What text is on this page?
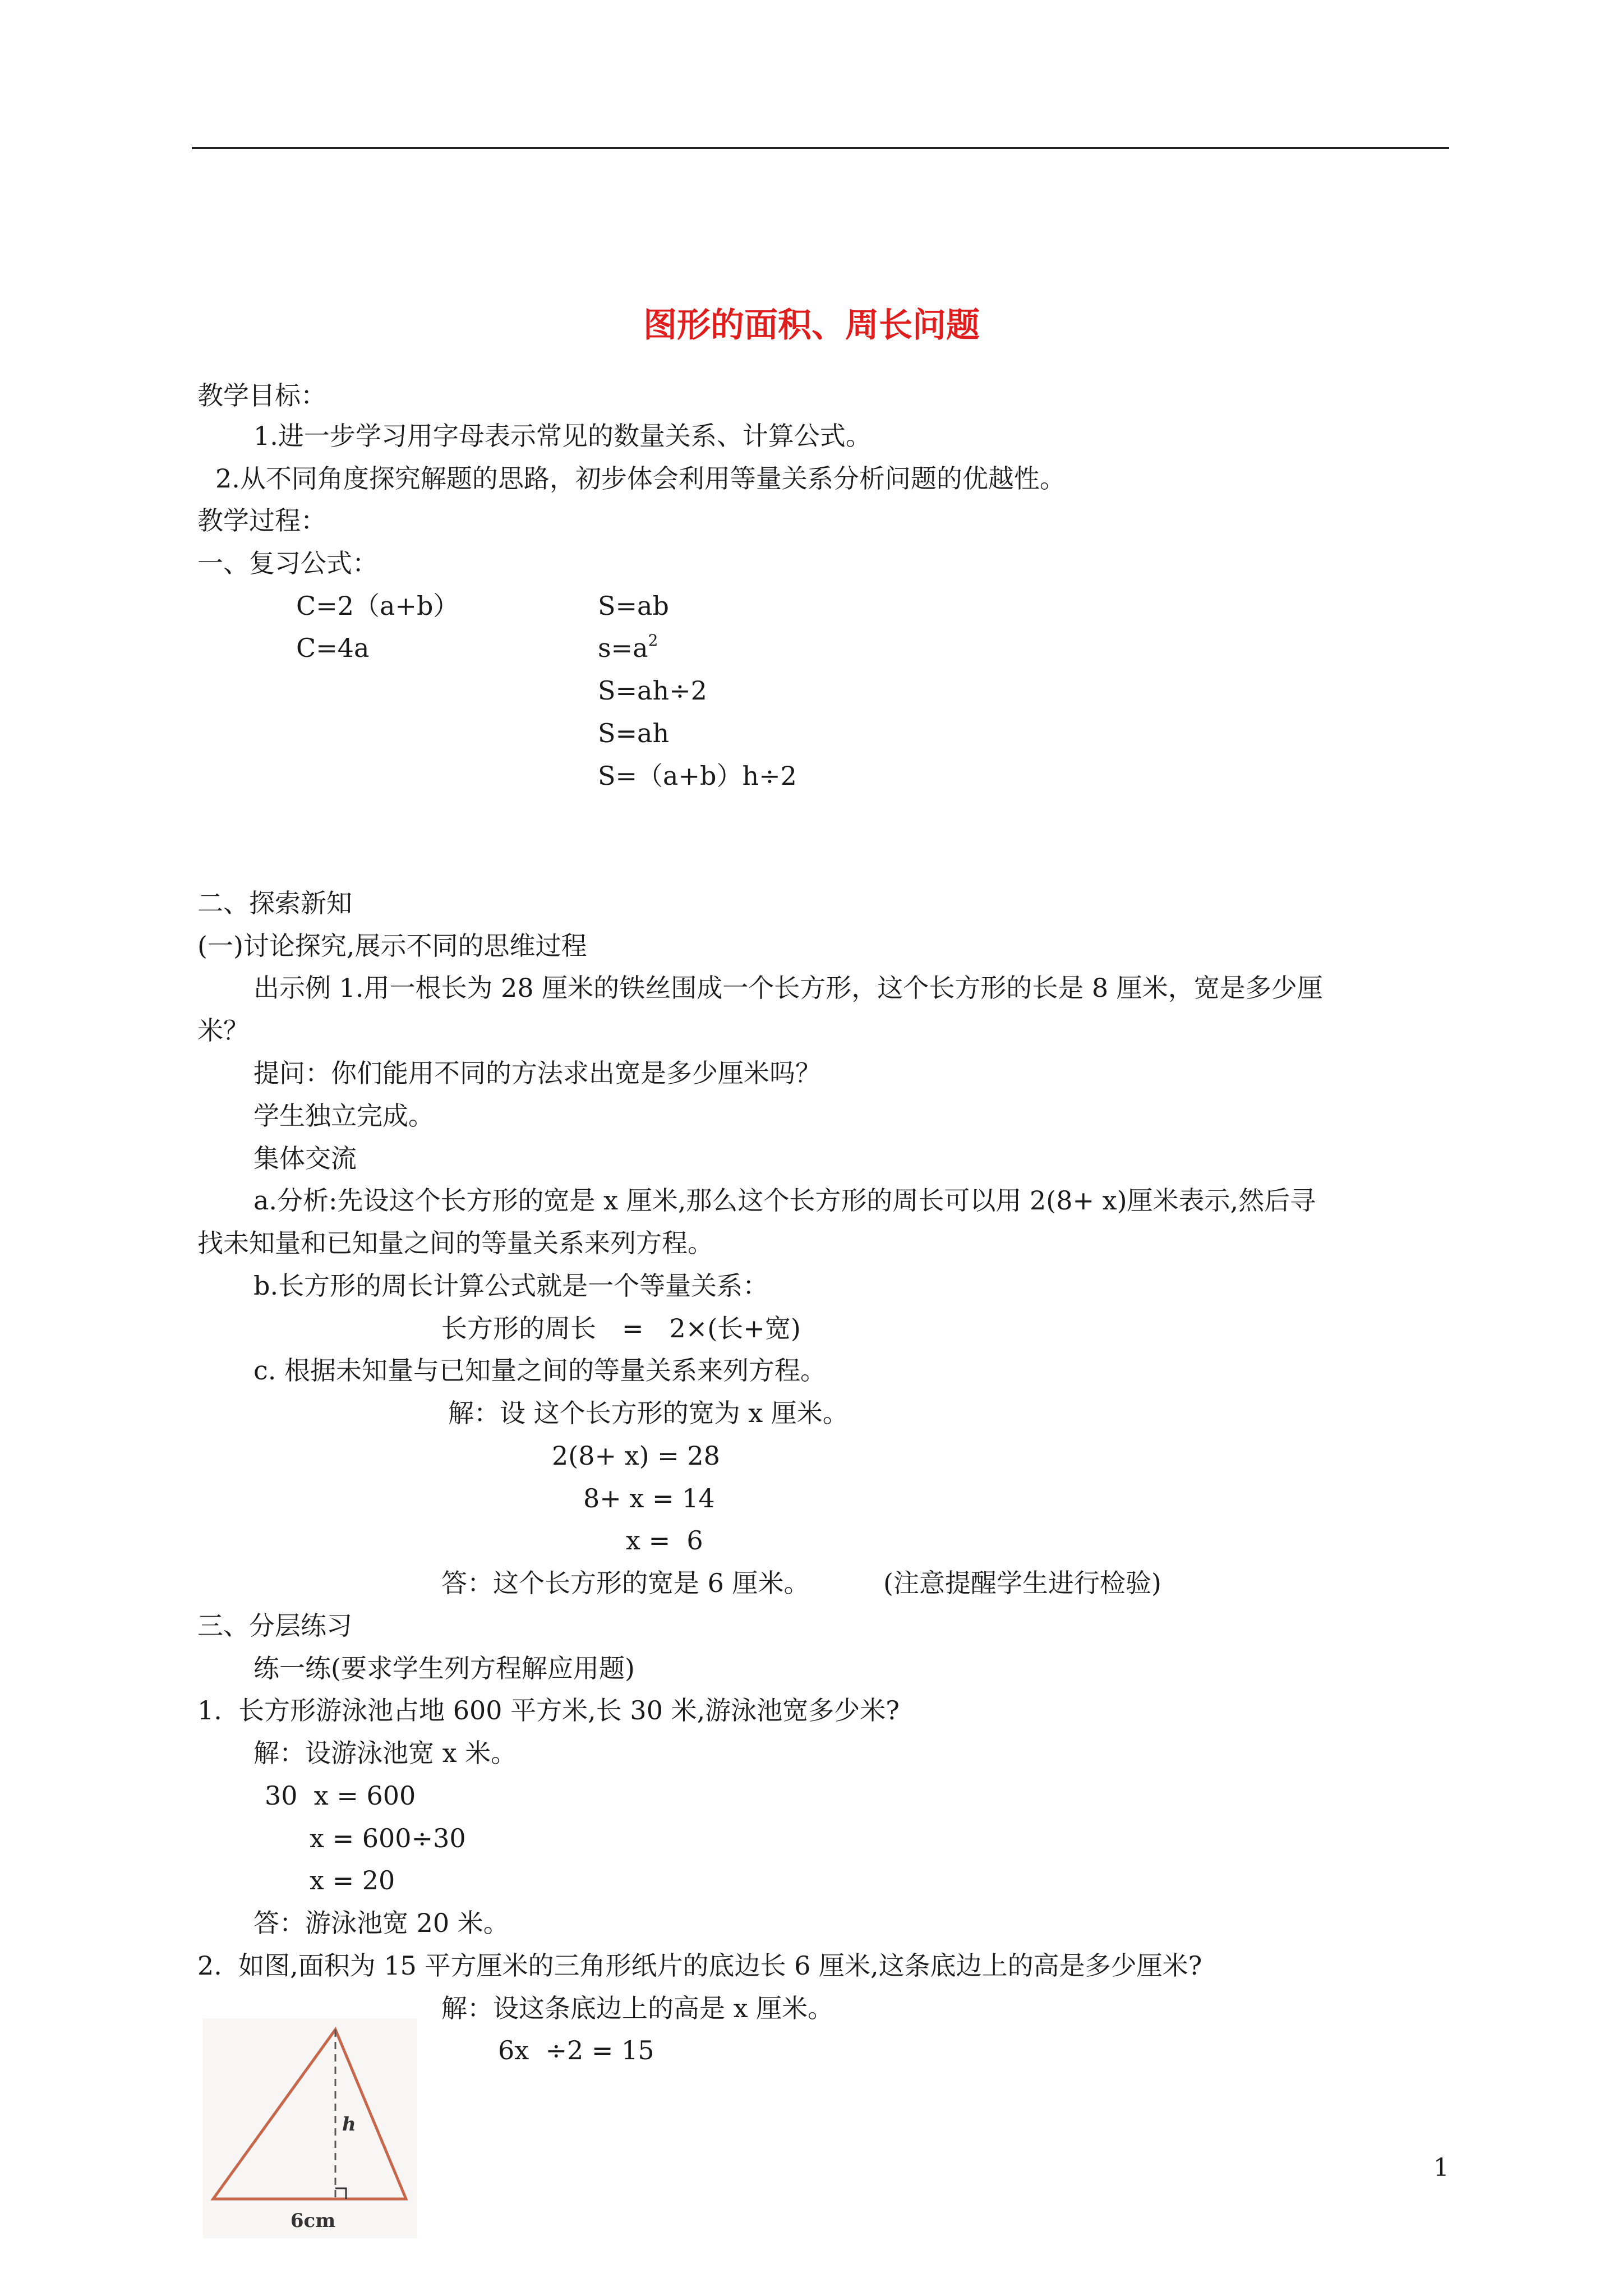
图形的面积、周长问题
教学目标：
1.进一步学习用字母表示常见的数量关系、计算公式。
2.从不同角度探究解题的思路，初步体会利用等量关系分析问题的优越性。
教学过程：
一、复习公式：
C=2（a+b）
C=4a
S=ab
$s=a^2$
S=ah÷2
S=ah
S=（a+b）h÷2
二、探索新知
(一)讨论探究,展示不同的思维过程
出示例 1.用一根长为 28 厘米的铁丝围成一个长方形，这个长方形的长是 8 厘米，宽是多少厘
米？
提问：你们能用不同的方法求出宽是多少厘米吗？
学生独立完成。
集体交流
a.分析:先设这个长方形的宽是 x 厘米,那么这个长方形的周长可以用 2(8+ x)厘米表示,然后寻
找未知量和已知量之间的等量关系来列方程。
b.长方形的周长计算公式就是一个等量关系：
长方形的周长　=　2×(长+宽)
c. 根据未知量与已知量之间的等量关系来列方程。
解：设 这个长方形的宽为 x 厘米。
2(8+ x) = 28
8+ x = 14
x =  6
答：这个长方形的宽是 6 厘米。	(注意提醒学生进行检验)
三、分层练习
练一练(要求学生列方程解应用题)
1.  长方形游泳池占地 600 平方米,长 30 米,游泳池宽多少米?
解：设游泳池宽 x 米。
30  x = 600
x = 600÷30
x = 20
答：游泳池宽 20 米。
2.  如图,面积为 15 平方厘米的三角形纸片的底边长 6 厘米,这条底边上的高是多少厘米?
解：设这条底边上的高是 x 厘米。
6x  ÷2 = 15
h
6cm
1
